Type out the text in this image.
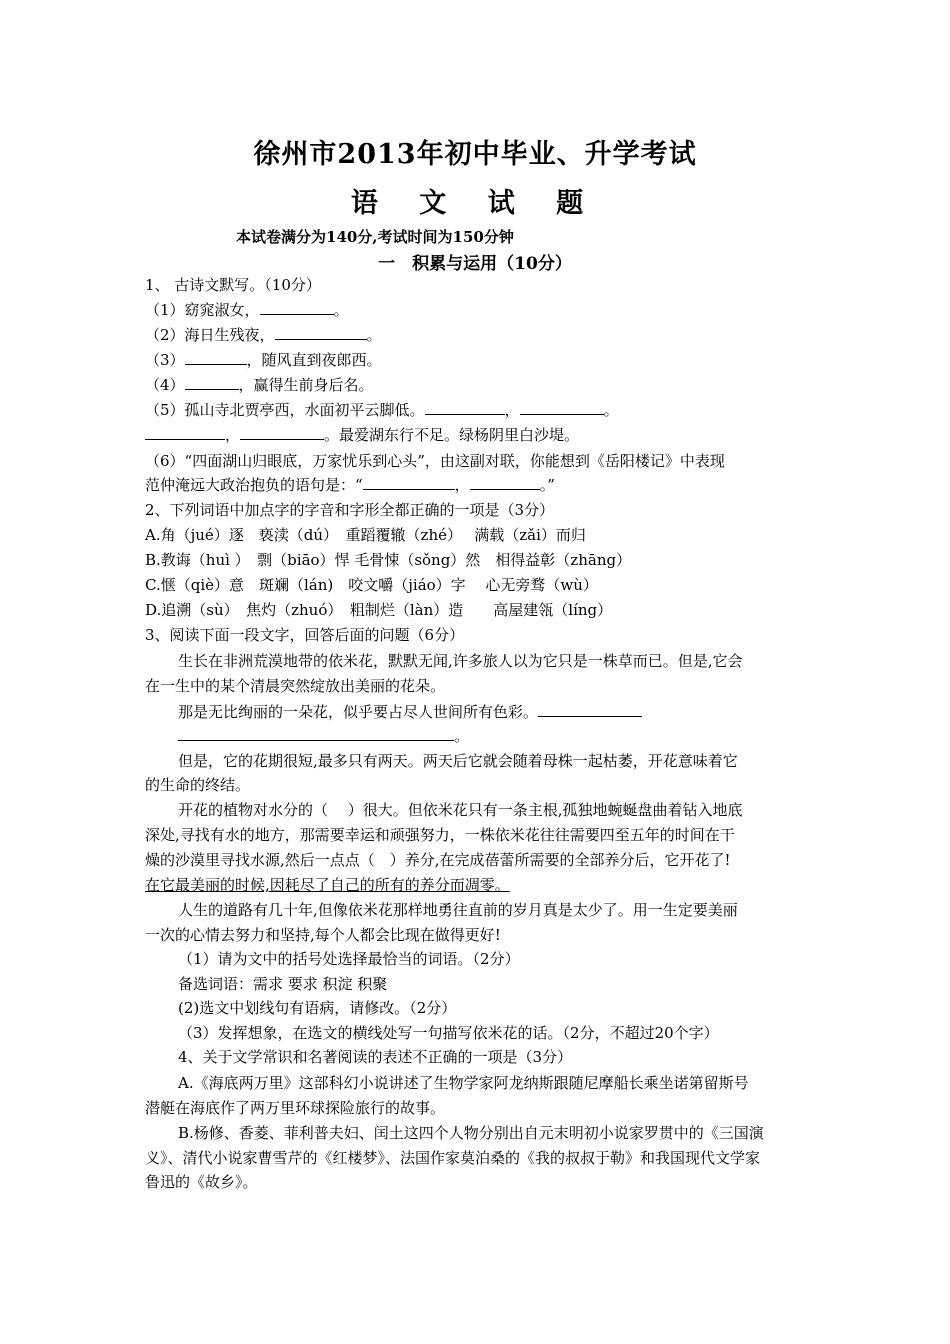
徐州市2013年初中毕业、升学考试
语 文 试 题
本试卷满分为140分,考试时间为150分钟
一　积累与运用（10分）
1、 古诗文默写。（10分）
（1）窈窕淑女，	。
（2）海日生残夜，	。
（3）	，随风直到夜郎西。
（4）	，赢得生前身后名。
（5）孤山寺北贾亭西，水面初平云脚低。	，	。
，	。最爱湖东行不足。绿杨阴里白沙堤。
（6）“四面湖山归眼底，万家忧乐到心头”，由这副对联，你能想到《岳阳楼记》中表现
范仲淹远大政治抱负的语句是：“	，	。”
2、下列词语中加点字的字音和字形全都正确的一项是（3分）
A.角（jué）逐　亵渎（dú）　重蹈覆辙（zhé）　 满载（zǎi）而归
B.教诲（huì ）　剽（biāo）悍 毛骨悚（sǒng）然　相得益彰（zhāng）
C.惬（qiè）意　斑斓（lán)　咬文嚼（jiáo）字　 心无旁骛（wù）
D.追溯（sù）　焦灼（zhuó）　粗制烂（làn）造　　高屋建瓴（líng）
3、阅读下面一段文字，回答后面的问题（6分）
生长在非洲荒漠地带的依米花，默默无闻,许多旅人以为它只是一株草而已。但是,它会
在一生中的某个清晨突然绽放出美丽的花朵。
那是无比绚丽的一朵花，似乎要占尽人世间所有色彩。
。
但是，它的花期很短,最多只有两天。两天后它就会随着母株一起枯萎，开花意味着它
的生命的终结。
开花的植物对水分的（　 ）很大。但依米花只有一条主根,孤独地蜿蜒盘曲着钻入地底
深处,寻找有水的地方，那需要幸运和顽强努力，一株依米花往往需要四至五年的时间在干
燥的沙漠里寻找水源,然后一点点（　）养分,在完成蓓蕾所需要的全部养分后，它开花了!
在它最美丽的时候,因耗尽了自己的所有的养分而凋零。
人生的道路有几十年,但像依米花那样地勇往直前的岁月真是太少了。用一生定要美丽
一次的心情去努力和坚持,每个人都会比现在做得更好!
（1）请为文中的括号处选择最恰当的词语。（2分）
备选词语：需求 要求 积淀 积聚
(2)选文中划线句有语病，请修改。（2分）
（3）发挥想象，在选文的横线处写一句描写依米花的话。（2分，不超过20个字）
4、关于文学常识和名著阅读的表述不正确的一项是（3分）
A.《海底两万里》这部科幻小说讲述了生物学家阿龙纳斯跟随尼摩船长乘坐诺第留斯号
潜艇在海底作了两万里环球探险旅行的故事。
B.杨修、香菱、菲利普夫妇、闰土这四个人物分别出自元末明初小说家罗贯中的《三国演
义》、清代小说家曹雪芹的《红楼梦》、法国作家莫泊桑的《我的叔叔于勒》和我国现代文学家
鲁迅的《故乡》。
